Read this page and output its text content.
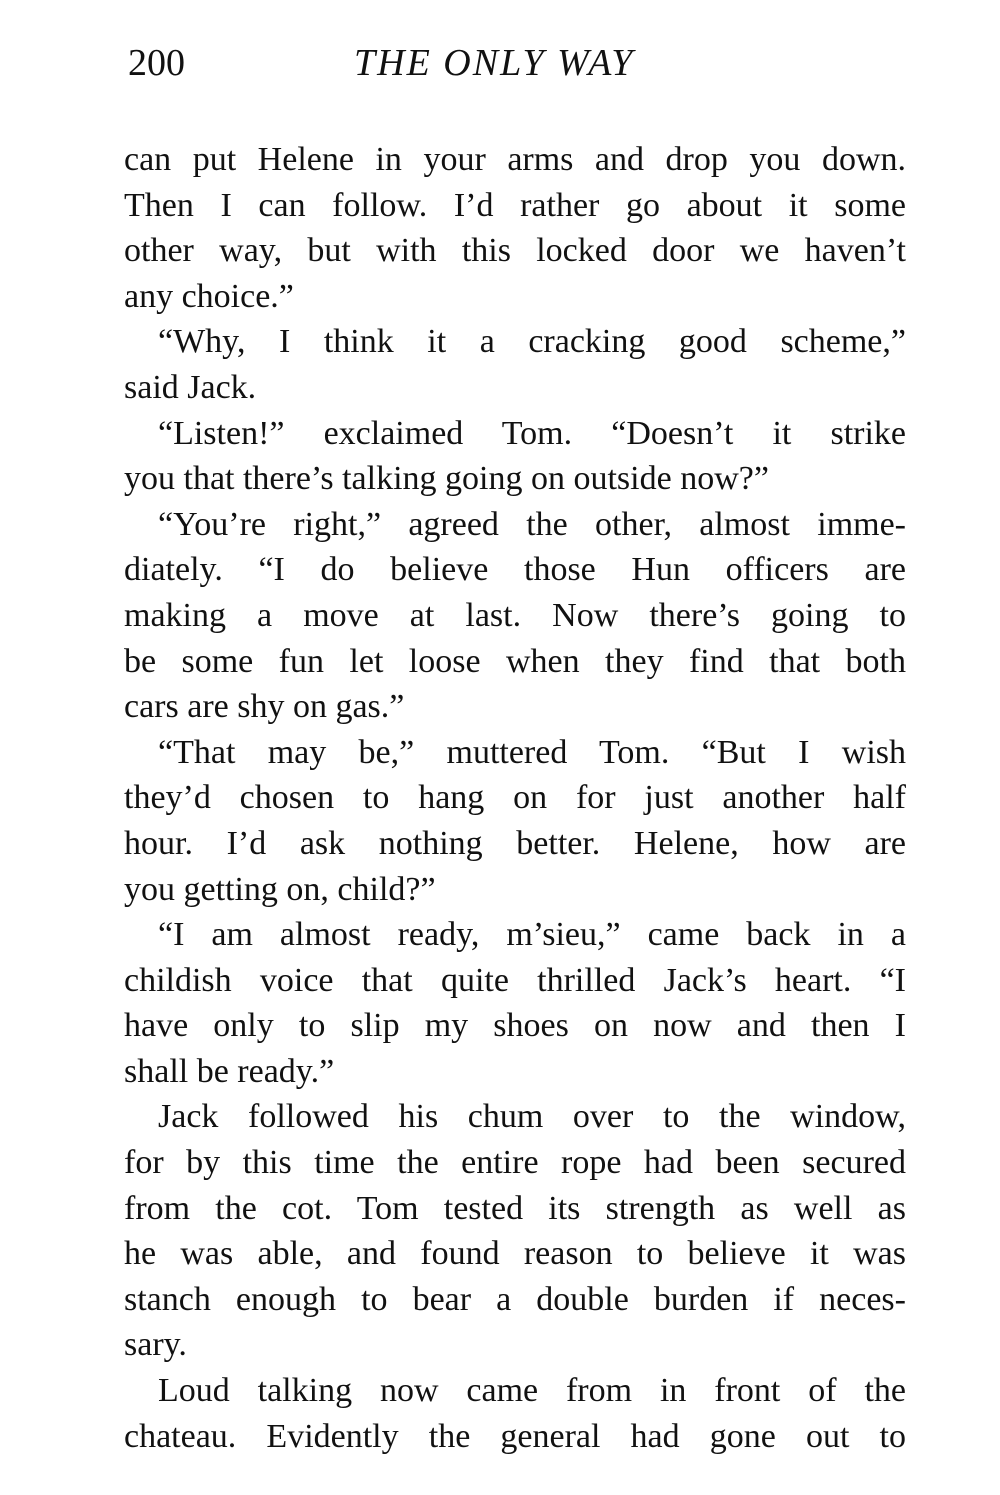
200	THE ONLY WAY
can put Helene in your arms and drop you down.
Then I can follow. I’d rather go about it some
other way, but with this locked door we haven’t
any choice.”
“Why, I think it a cracking good scheme,”
said Jack.
“Listen!” exclaimed Tom. “Doesn’t it strike
you that there’s talking going on outside now?”
“You’re right,” agreed the other, almost imme-
diately. “I do believe those Hun officers are
making a move at last. Now there’s going to
be some fun let loose when they find that both
cars are shy on gas.”
“That may be,” muttered Tom. “But I wish
they’d chosen to hang on for just another half
hour. I’d ask nothing better. Helene, how are
you getting on, child?”
“I am almost ready, m’sieu,” came back in a
childish voice that quite thrilled Jack’s heart. “I
have only to slip my shoes on now and then I
shall be ready.”
Jack followed his chum over to the window,
for by this time the entire rope had been secured
from the cot. Tom tested its strength as well as
he was able, and found reason to believe it was
stanch enough to bear a double burden if neces-
sary.
Loud talking now came from in front of the
chateau. Evidently the general had gone out to
